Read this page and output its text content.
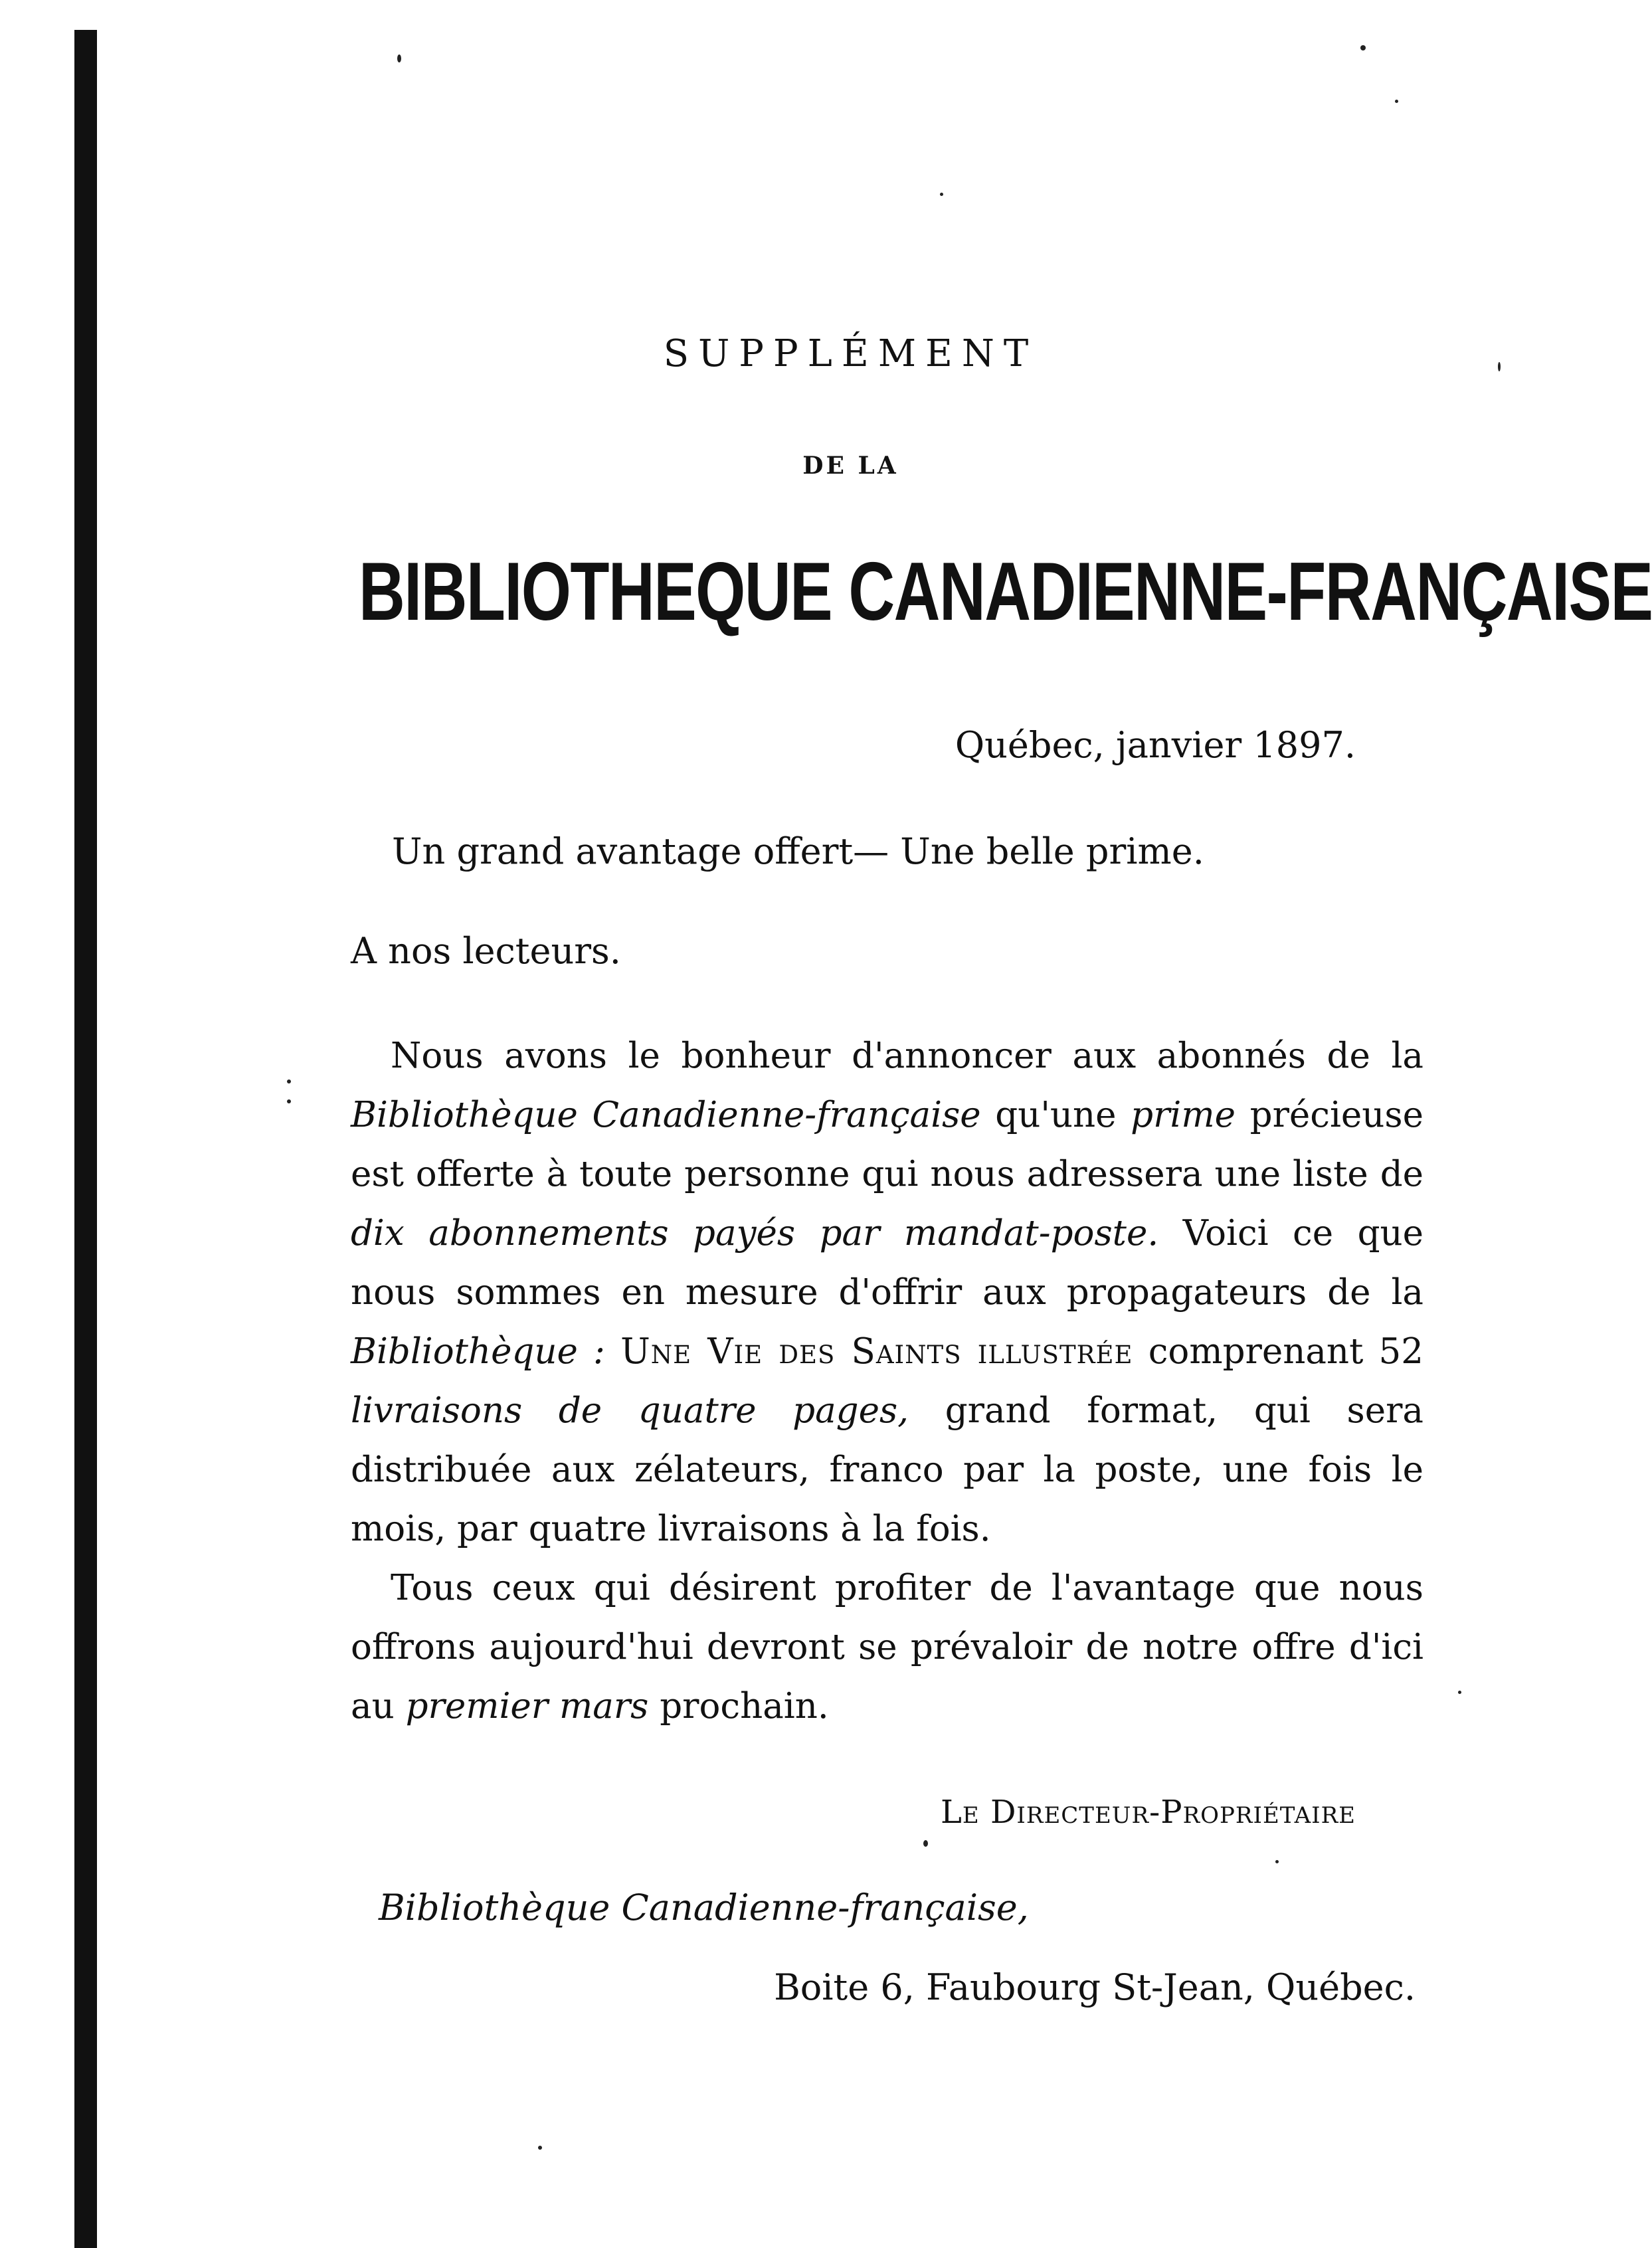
SUPPLÉMENT
DE LA
BIBLIOTHEQUE CANADIENNE-FRANÇAISE
Québec, janvier 1897.
Un grand avantage offert— Une belle prime.
A nos lecteurs.

Nous avons le bonheur d'annoncer aux abonnés de la Bibliothèque Canadienne-française qu'une prime précieuse est offerte à toute personne qui nous adressera une liste de dix abonnements payés par mandat-poste. Voici ce que nous sommes en mesure d'offrir aux propagateurs de la Bibliothèque : Une Vie des Saints illustrée comprenant 52 livraisons de quatre pages, grand format, qui sera distribuée aux zélateurs, franco par la poste, une fois le mois, par quatre livraisons à la fois.

Tous ceux qui désirent profiter de l'avantage que nous offrons aujourd'hui devront se prévaloir de notre offre d'ici au premier mars prochain.

Le Directeur-Propriétaire
Bibliothèque Canadienne-française,
Boite 6, Faubourg St-Jean, Québec.
